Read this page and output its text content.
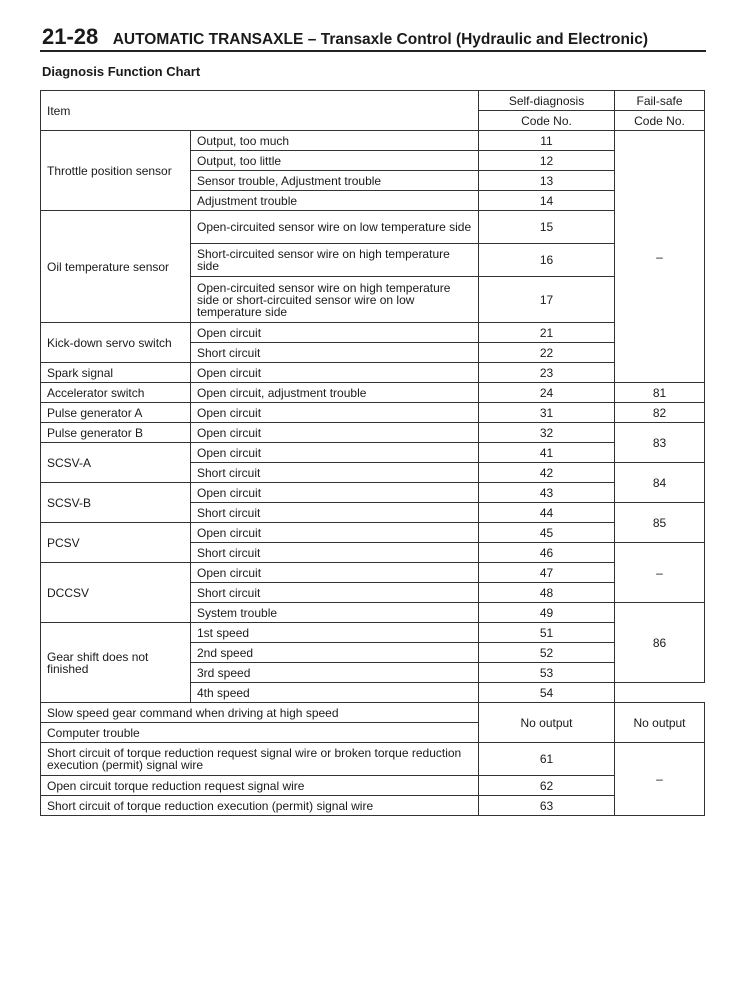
21-28 AUTOMATIC TRANSAXLE – Transaxle Control (Hydraulic and Electronic)
Diagnosis Function Chart
Item		Self-diagnosis	Fail-safe
		Code No.	Code No.
Throttle position sensor	Output, too much	11	–
	Output, too little	12	
	Sensor trouble, Adjustment trouble	13	
	Adjustment trouble	14	
Oil temperature sensor	Open-circuited sensor wire on low temperature side	15	
	Short-circuited sensor wire on high temperature side	16	
	Open-circuited sensor wire on high temperature side or short-circuited sensor wire on low temperature side	17	
Kick-down servo switch	Open circuit	21	
	Short circuit	22	
Spark signal	Open circuit	23	
Accelerator switch	Open circuit, adjustment trouble	24	81
Pulse generator A	Open circuit	31	82
Pulse generator B	Open circuit	32	83
SCSV-A	Open circuit	41	
	Short circuit	42	84
SCSV-B	Open circuit	43	
	Short circuit	44	85
PCSV	Open circuit	45	
	Short circuit	46	–
DCCSV	Open circuit	47	
	Short circuit	48	
	System trouble	49	86
Gear shift does not finished	1st speed	51	
	2nd speed	52	
	3rd speed	53	
	4th speed	54	
Slow speed gear command when driving at high speed		No output	No output
Computer trouble			
Short circuit of torque reduction request signal wire or broken torque reduction execution (permit) signal wire		61	–
Open circuit torque reduction request signal wire		62	
Short circuit of torque reduction execution (permit) signal wire		63	
